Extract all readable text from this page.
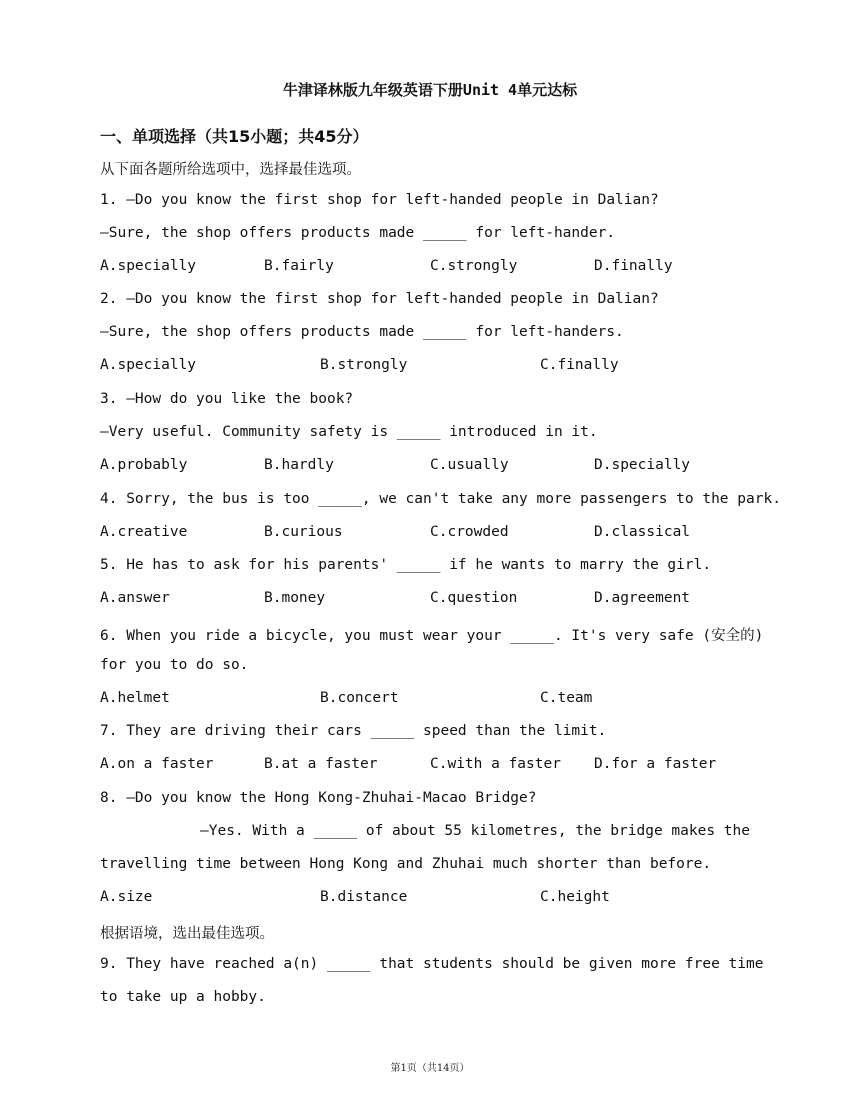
牛津译林版九年级英语下册Unit 4单元达标
一、单项选择（共15小题；共45分）
从下面各题所给选项中，选择最佳选项。
1. —Do you know the first shop for left-handed people in Dalian?
—Sure, the shop offers products made _____ for left-hander.
A.specially	B.fairly	C.strongly	D.finally
2. —Do you know the first shop for left-handed people in Dalian?
—Sure, the shop offers products made _____ for left-handers.
A.specially	B.strongly	C.finally
3. —How do you like the book?
—Very useful. Community safety is _____ introduced in it.
A.probably	B.hardly	C.usually	D.specially
4. Sorry, the bus is too _____, we can't take any more passengers to the park.
A.creative	B.curious	C.crowded	D.classical
5. He has to ask for his parents' _____ if he wants to marry the girl.
A.answer	B.money	C.question	D.agreement
6. When you ride a bicycle, you must wear your _____. It's very safe (安全的)
for you to do so.
A.helmet	B.concert	C.team
7. They are driving their cars _____ speed than the limit.
A.on a faster	B.at a faster	C.with a faster D.for a faster
8. —Do you know the Hong Kong-Zhuhai-Macao Bridge?
—Yes. With a _____ of about 55 kilometres, the bridge makes the
travelling time between Hong Kong and Zhuhai much shorter than before.
A.size	B.distance	C.height
根据语境，选出最佳选项。
9. They have reached a(n) _____ that students should be given more free time
to take up a hobby.
第1页（共14页）
